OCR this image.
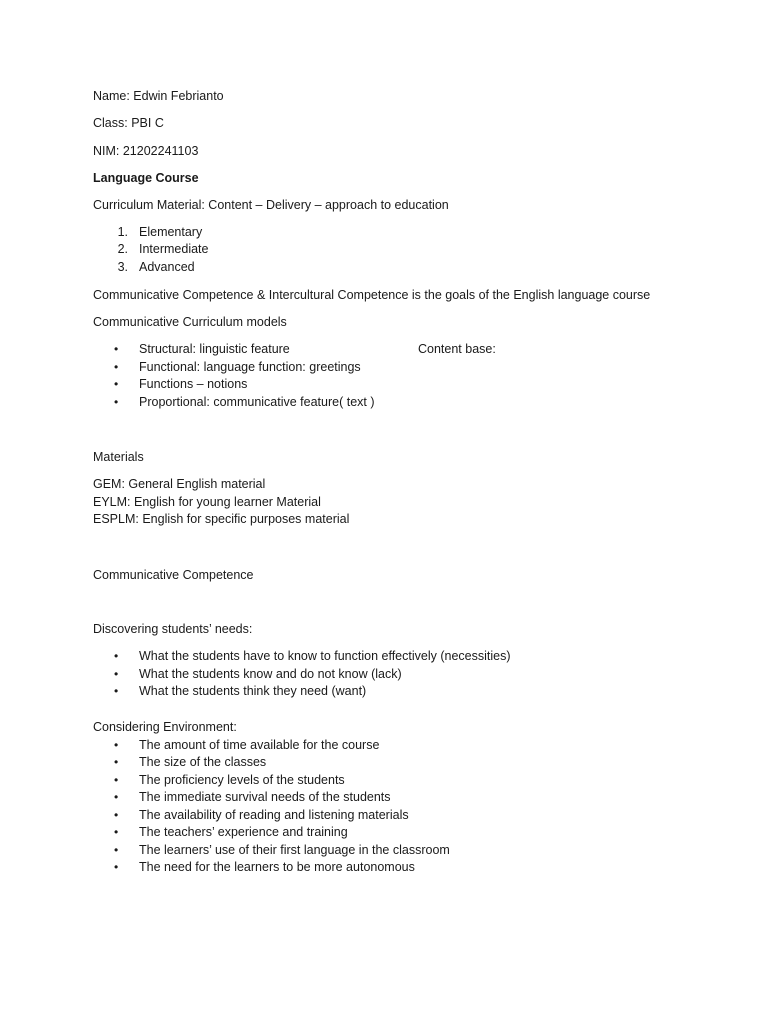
Name: Edwin Febrianto
Class: PBI C
NIM: 21202241103
Language Course
Curriculum Material: Content – Delivery – approach to education
1. Elementary
2. Intermediate
3. Advanced
Communicative Competence & Intercultural Competence is the goals of the English language course
Communicative Curriculum models
•
Structural: linguistic feature	Content base:
•
Functional: language function: greetings
•
Functions – notions
•
Proportional: communicative feature( text )
Materials
GEM: General English material
EYLM: English for young learner Material
ESPLM: English for specific purposes material
Communicative Competence
Discovering students’ needs:
•
What the students have to know to function effectively (necessities)
•
What the students know and do not know (lack)
•
What the students think they need (want)
Considering Environment:
•
The amount of time available for the course
•
The size of the classes
•
The proficiency levels of the students
•
The immediate survival needs of the students
•
The availability of reading and listening materials
•
The teachers’ experience and training
•
The learners’ use of their first language in the classroom
•
The need for the learners to be more autonomous
